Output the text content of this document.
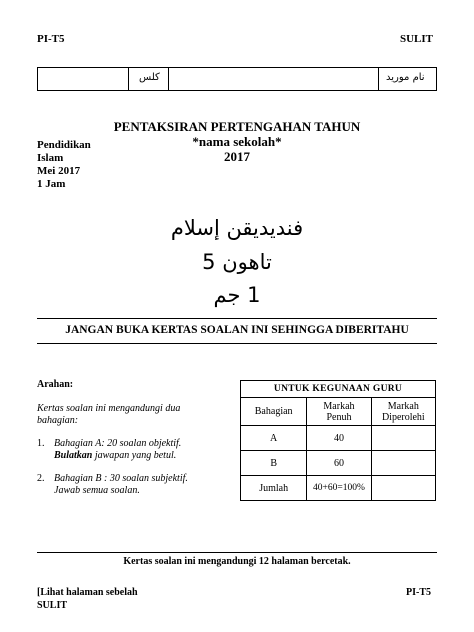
PI-T5	SULIT
كلس	نام موريد
PENTAKSIRAN PERTENGAHAN TAHUN
*nama sekolah*
2017
Pendidikan
Islam
Mei 2017
1 Jam
فنديديقن إسلام
تاهون 5
1 جم
JANGAN BUKA KERTAS SOALAN INI SEHINGGA DIBERITAHU
Arahan:
Kertas soalan ini mengandungi dua bahagian:
1. Bahagian A: 20 soalan objektif.
Bulatkan jawapan yang betul.
2. Bahagian B : 30 soalan subjektif.
Jawab semua soalan.
UNTUK KEGUNAAN GURU		
Bahagian	Markah Penuh	Markah Diperolehi
A	40	
B	60	
Jumlah	40+60=100%	
Kertas soalan ini mengandungi 12 halaman bercetak.
[Lihat halaman sebelah
SULIT
PI-T5
